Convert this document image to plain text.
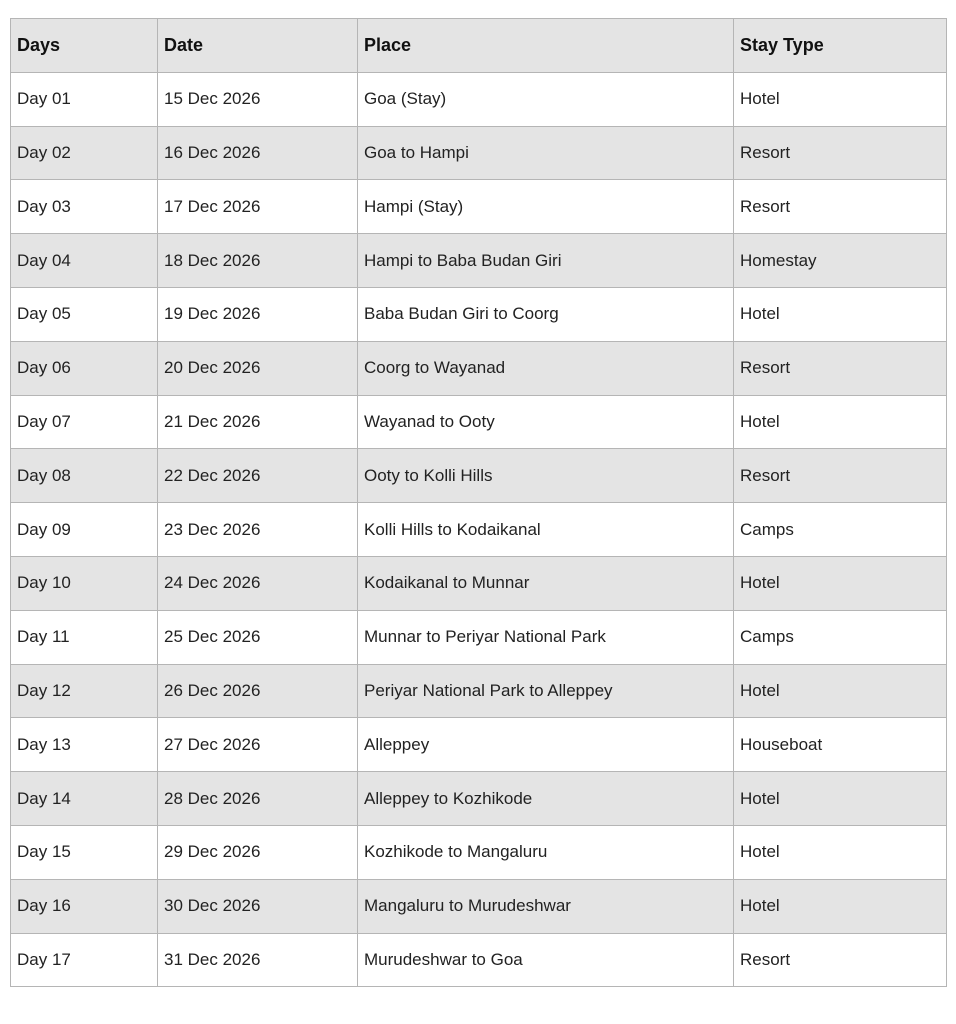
Days	Date	Place	Stay Type
Day 01	15 Dec 2026	Goa (Stay)	Hotel
Day 02	16 Dec 2026	Goa to Hampi	Resort
Day 03	17 Dec 2026	Hampi (Stay)	Resort
Day 04	18 Dec 2026	Hampi to Baba Budan Giri	Homestay
Day 05	19 Dec 2026	Baba Budan Giri to Coorg	Hotel
Day 06	20 Dec 2026	Coorg to Wayanad	Resort
Day 07	21 Dec 2026	Wayanad to Ooty	Hotel
Day 08	22 Dec 2026	Ooty to Kolli Hills	Resort
Day 09	23 Dec 2026	Kolli Hills to Kodaikanal	Camps
Day 10	24 Dec 2026	Kodaikanal to Munnar	Hotel
Day 11	25 Dec 2026	Munnar to Periyar National Park	Camps
Day 12	26 Dec 2026	Periyar National Park to Alleppey	Hotel
Day 13	27 Dec 2026	Alleppey	Houseboat
Day 14	28 Dec 2026	Alleppey to Kozhikode	Hotel
Day 15	29 Dec 2026	Kozhikode to Mangaluru	Hotel
Day 16	30 Dec 2026	Mangaluru to Murudeshwar	Hotel
Day 17	31 Dec 2026	Murudeshwar to Goa	Resort
